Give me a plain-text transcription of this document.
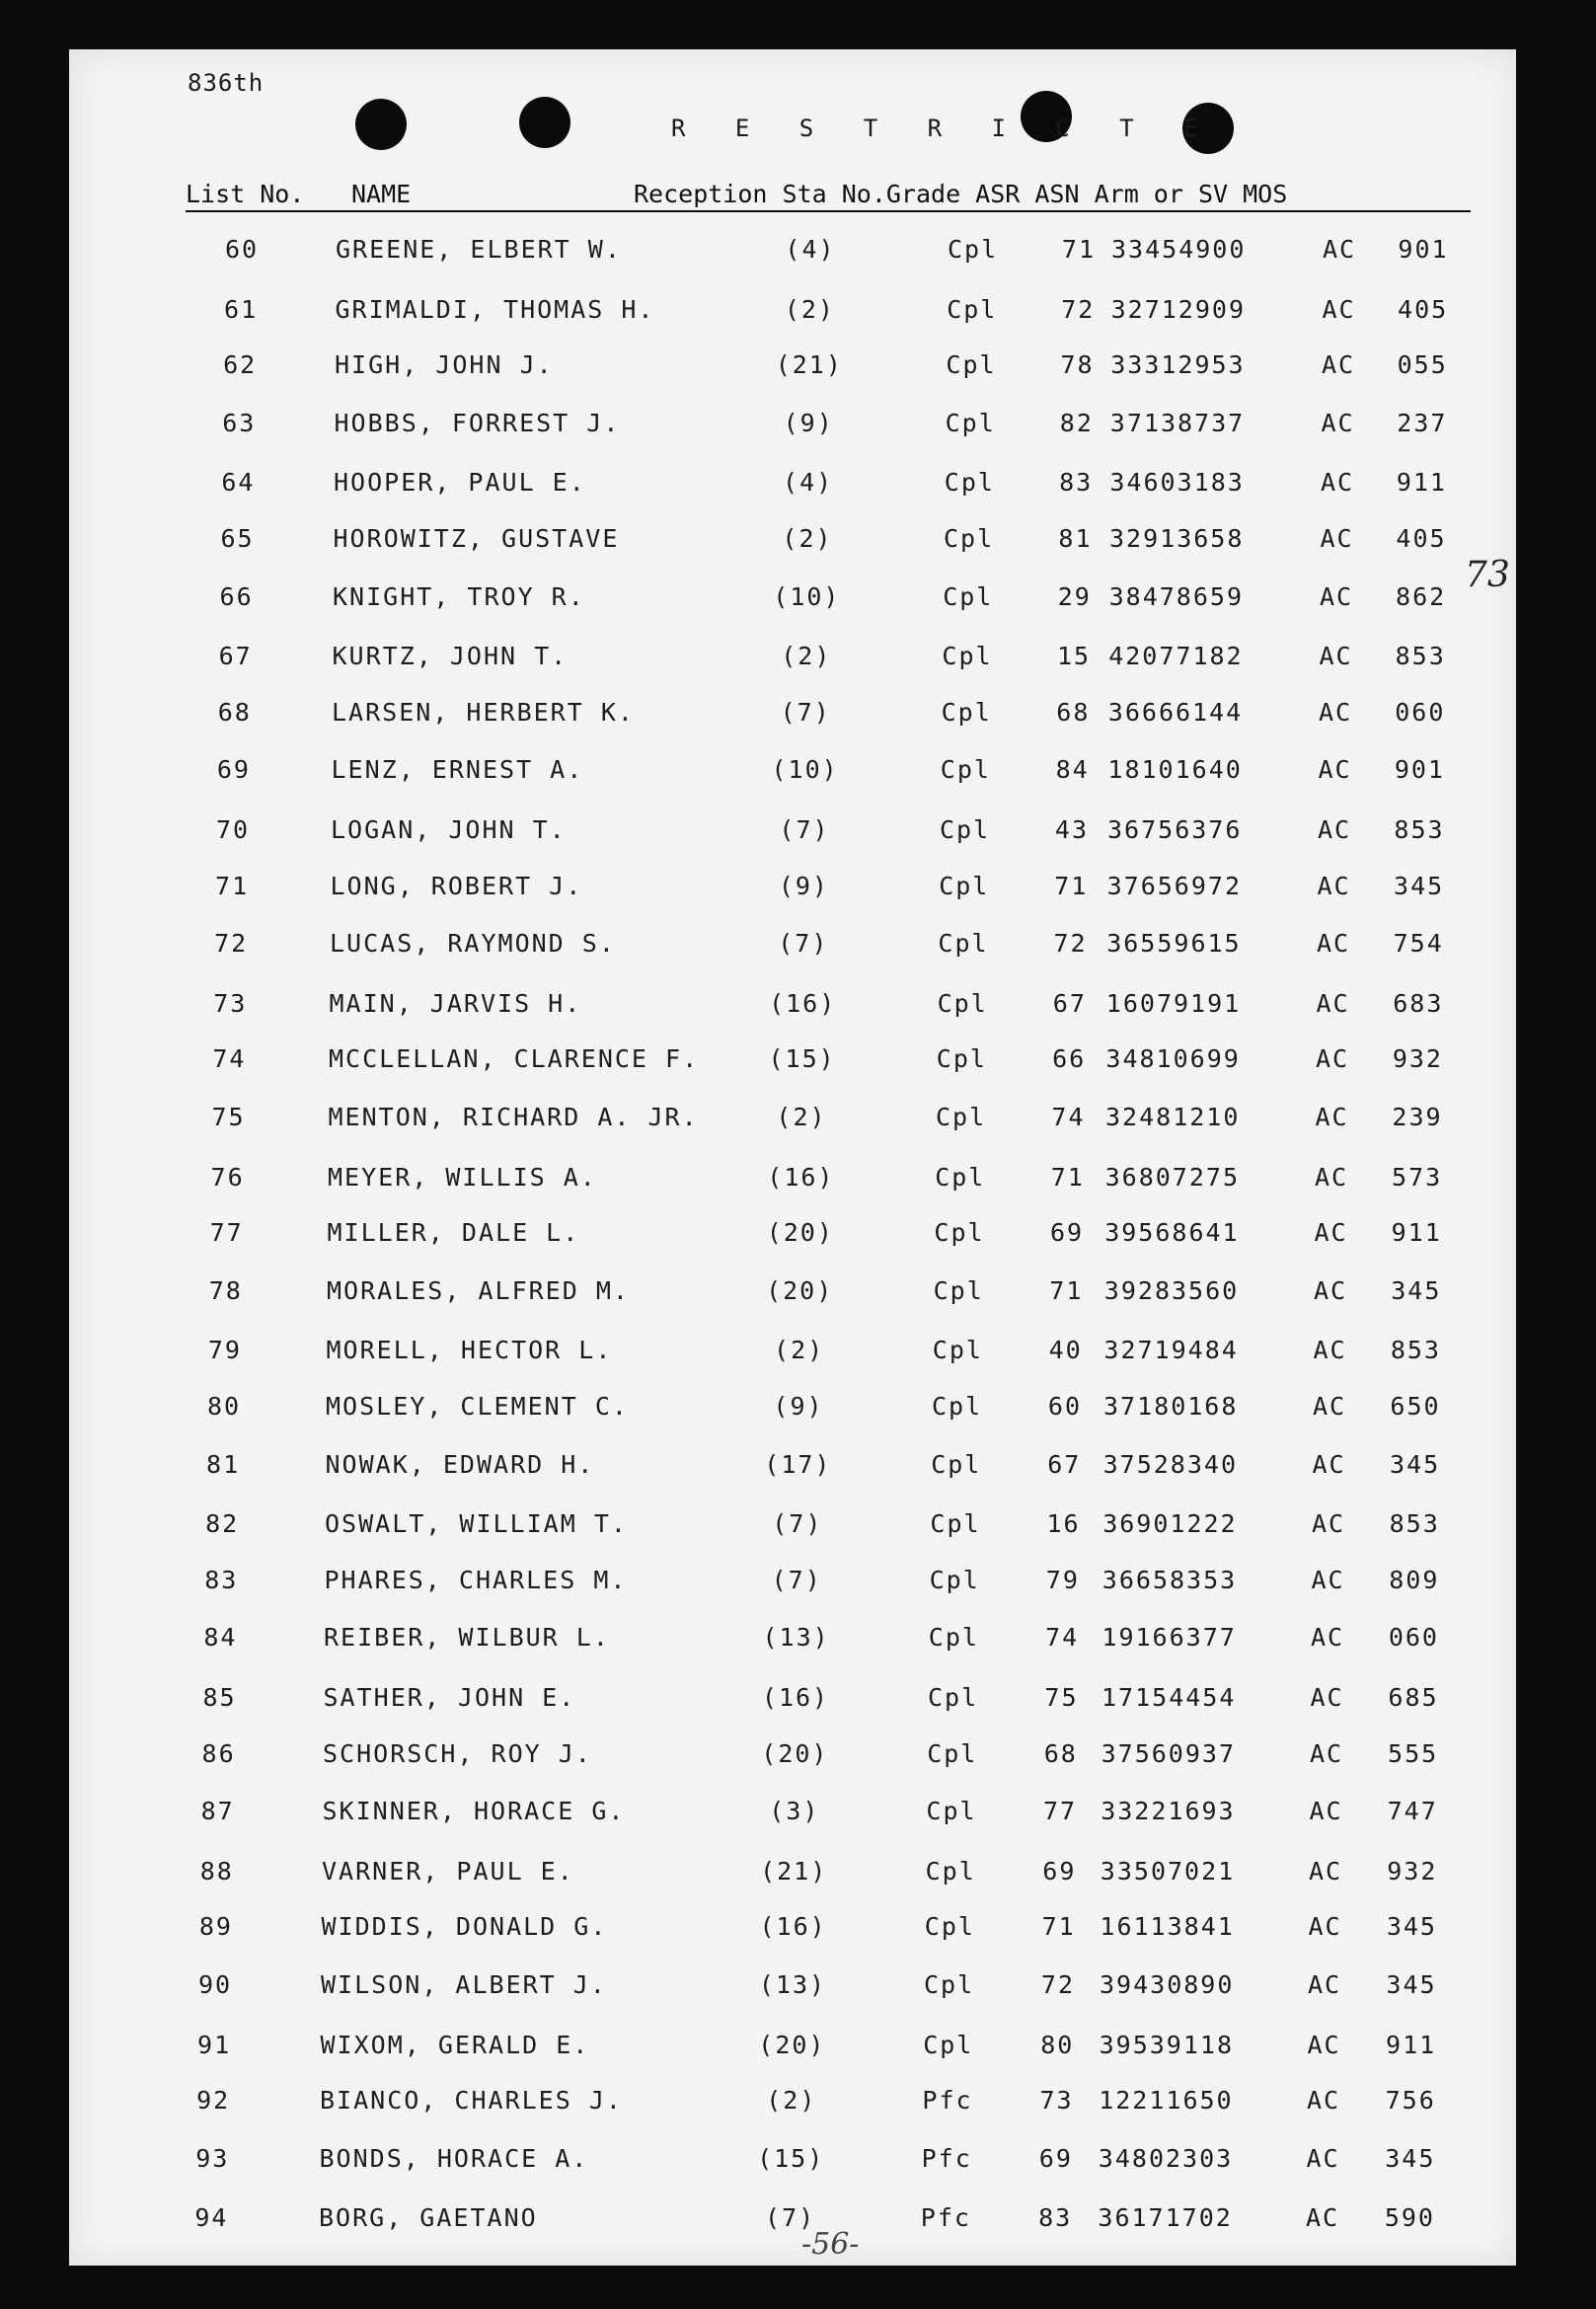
836th
R E S T R I C T E
List No. NAME	Reception Sta No.Grade ASR ASN Arm or SV MOS
60	GREENE, ELBERT W.	(4)	Cpl	71 33454900	AC 901
61	GRIMALDI, THOMAS H.	(2)	Cpl	72 32712909	AC 405
62	HIGH, JOHN J.	(21)	Cpl	78 33312953	AC 055
63	HOBBS, FORREST J.	(9)	Cpl	82 37138737	AC 237
64	HOOPER, PAUL E.	(4)	Cpl	83 34603183	AC 911
65	HOROWITZ, GUSTAVE	(2)	Cpl	81 32913658	AC 405
66	KNIGHT, TROY R.	(10)	Cpl	29 38478659	AC 862
67	KURTZ, JOHN T.	(2)	Cpl	15 42077182	AC 853
68	LARSEN, HERBERT K.	(7)	Cpl	68 36666144	AC 060
69	LENZ, ERNEST A.	(10)	Cpl	84 18101640	AC 901
70	LOGAN, JOHN T.	(7)	Cpl	43 36756376	AC 853
71	LONG, ROBERT J.	(9)	Cpl	71 37656972	AC 345
72	LUCAS, RAYMOND S.	(7)	Cpl	72 36559615	AC 754
73	MAIN, JARVIS H.	(16)	Cpl	67 16079191	AC 683
74	MCCLELLAN, CLARENCE F.	(15)	Cpl	66 34810699	AC 932
75	MENTON, RICHARD A. JR.	(2)	Cpl	74 32481210	AC 239
76	MEYER, WILLIS A.	(16)	Cpl	71 36807275	AC 573
77	MILLER, DALE L.	(20)	Cpl	69 39568641	AC 911
78	MORALES, ALFRED M.	(20)	Cpl	71 39283560	AC 345
79	MORELL, HECTOR L.	(2)	Cpl	40 32719484	AC 853
80	MOSLEY, CLEMENT C.	(9)	Cpl	60 37180168	AC 650
81	NOWAK, EDWARD H.	(17)	Cpl	67 37528340	AC 345
82	OSWALT, WILLIAM T.	(7)	Cpl	16 36901222	AC 853
83	PHARES, CHARLES M.	(7)	Cpl	79 36658353	AC 809
84	REIBER, WILBUR L.	(13)	Cpl	74 19166377	AC 060
85	SATHER, JOHN E.	(16)	Cpl	75 17154454	AC 685
86	SCHORSCH, ROY J.	(20)	Cpl	68 37560937	AC 555
87	SKINNER, HORACE G.	(3)	Cpl	77 33221693	AC 747
88	VARNER, PAUL E.	(21)	Cpl	69 33507021	AC 932
89	WIDDIS, DONALD G.	(16)	Cpl	71 16113841	AC 345
90	WILSON, ALBERT J.	(13)	Cpl	72 39430890	AC 345
91	WIXOM, GERALD E.	(20)	Cpl	80 39539118	AC 911
92	BIANCO, CHARLES J.	(2)	Pfc	73 12211650	AC 756
93	BONDS, HORACE A.	(15)	Pfc	69 34802303	AC 345
94	BORG, GAETANO	(7)	Pfc	83 36171702	AC 590
73
-56-
